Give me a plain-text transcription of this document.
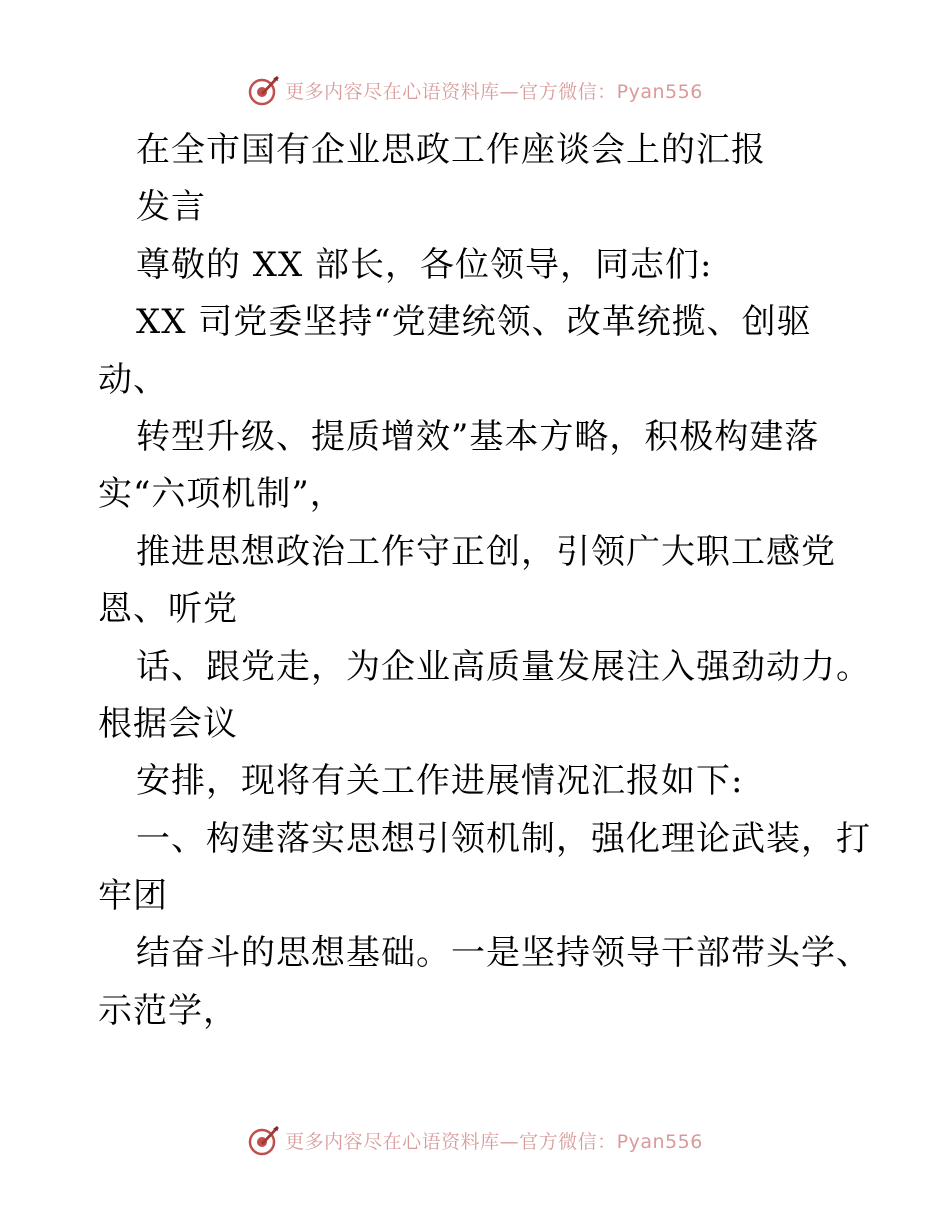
更多内容尽在心语资料库—官方微信：Pyan556
在全市国有企业思政工作座谈会上的汇报
发言
尊敬的 XX 部长，各位领导，同志们:
XX 司党委坚持“党建统领、改革统揽、创驱
动、
转型升级、提质增效”基本方略，积极构建落
实“六项机制”，
推进思想政治工作守正创，引领广大职工感党
恩、听党
话、跟党走，为企业高质量发展注入强劲动力。
根据会议
安排，现将有关工作进展情况汇报如下:
一、构建落实思想引领机制，强化理论武装，打
牢团
结奋斗的思想基础。一是坚持领导干部带头学、
示范学，
更多内容尽在心语资料库—官方微信：Pyan556
